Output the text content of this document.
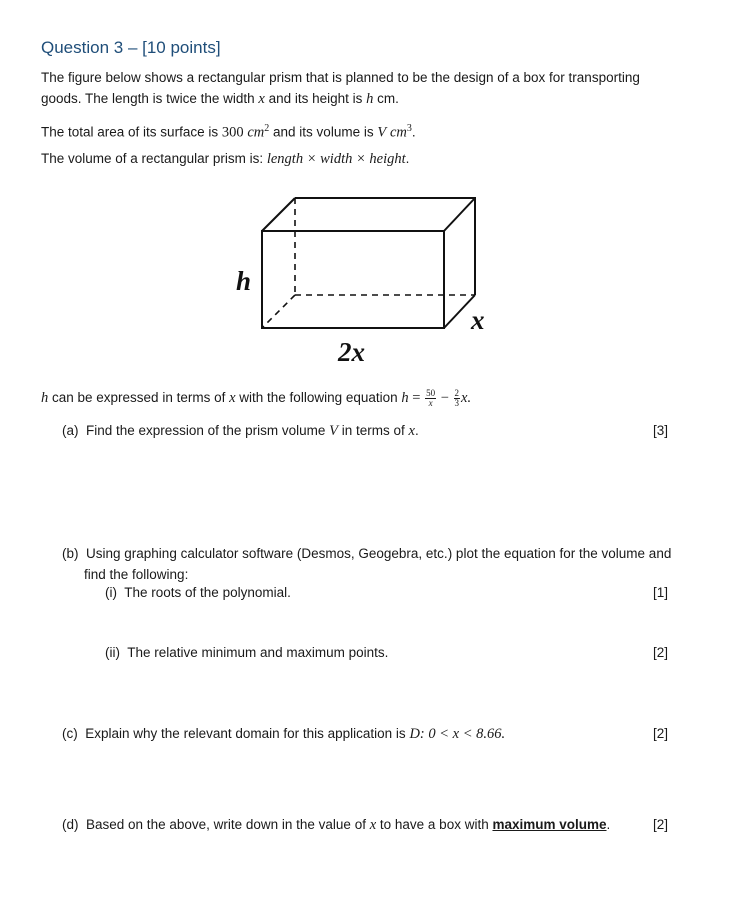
Question 3 – [10 points]
The figure below shows a rectangular prism that is planned to be the design of a box for transporting
goods. The length is twice the width x and its height is h cm.
The total area of its surface is 300 $cm^2$ and its volume is V $cm^3$.
The volume of a rectangular prism is: length × width × height.
h
x
2x
h can be expressed in terms of x with the following equation $h = \frac{50}{x} - \frac{2}{3} x$.
(a) Find the expression of the prism volume V in terms of x.	[3]
(b) Using graphing calculator software (Desmos, Geogebra, etc.) plot the equation for the volume and
find the following:
(i) The roots of the polynomial.	[1]
(ii) The relative minimum and maximum points.	[2]
(c) Explain why the relevant domain for this application is D: 0 < x < 8.66.	[2]
(d) Based on the above, write down in the value of x to have a box with maximum volume.	[2]
